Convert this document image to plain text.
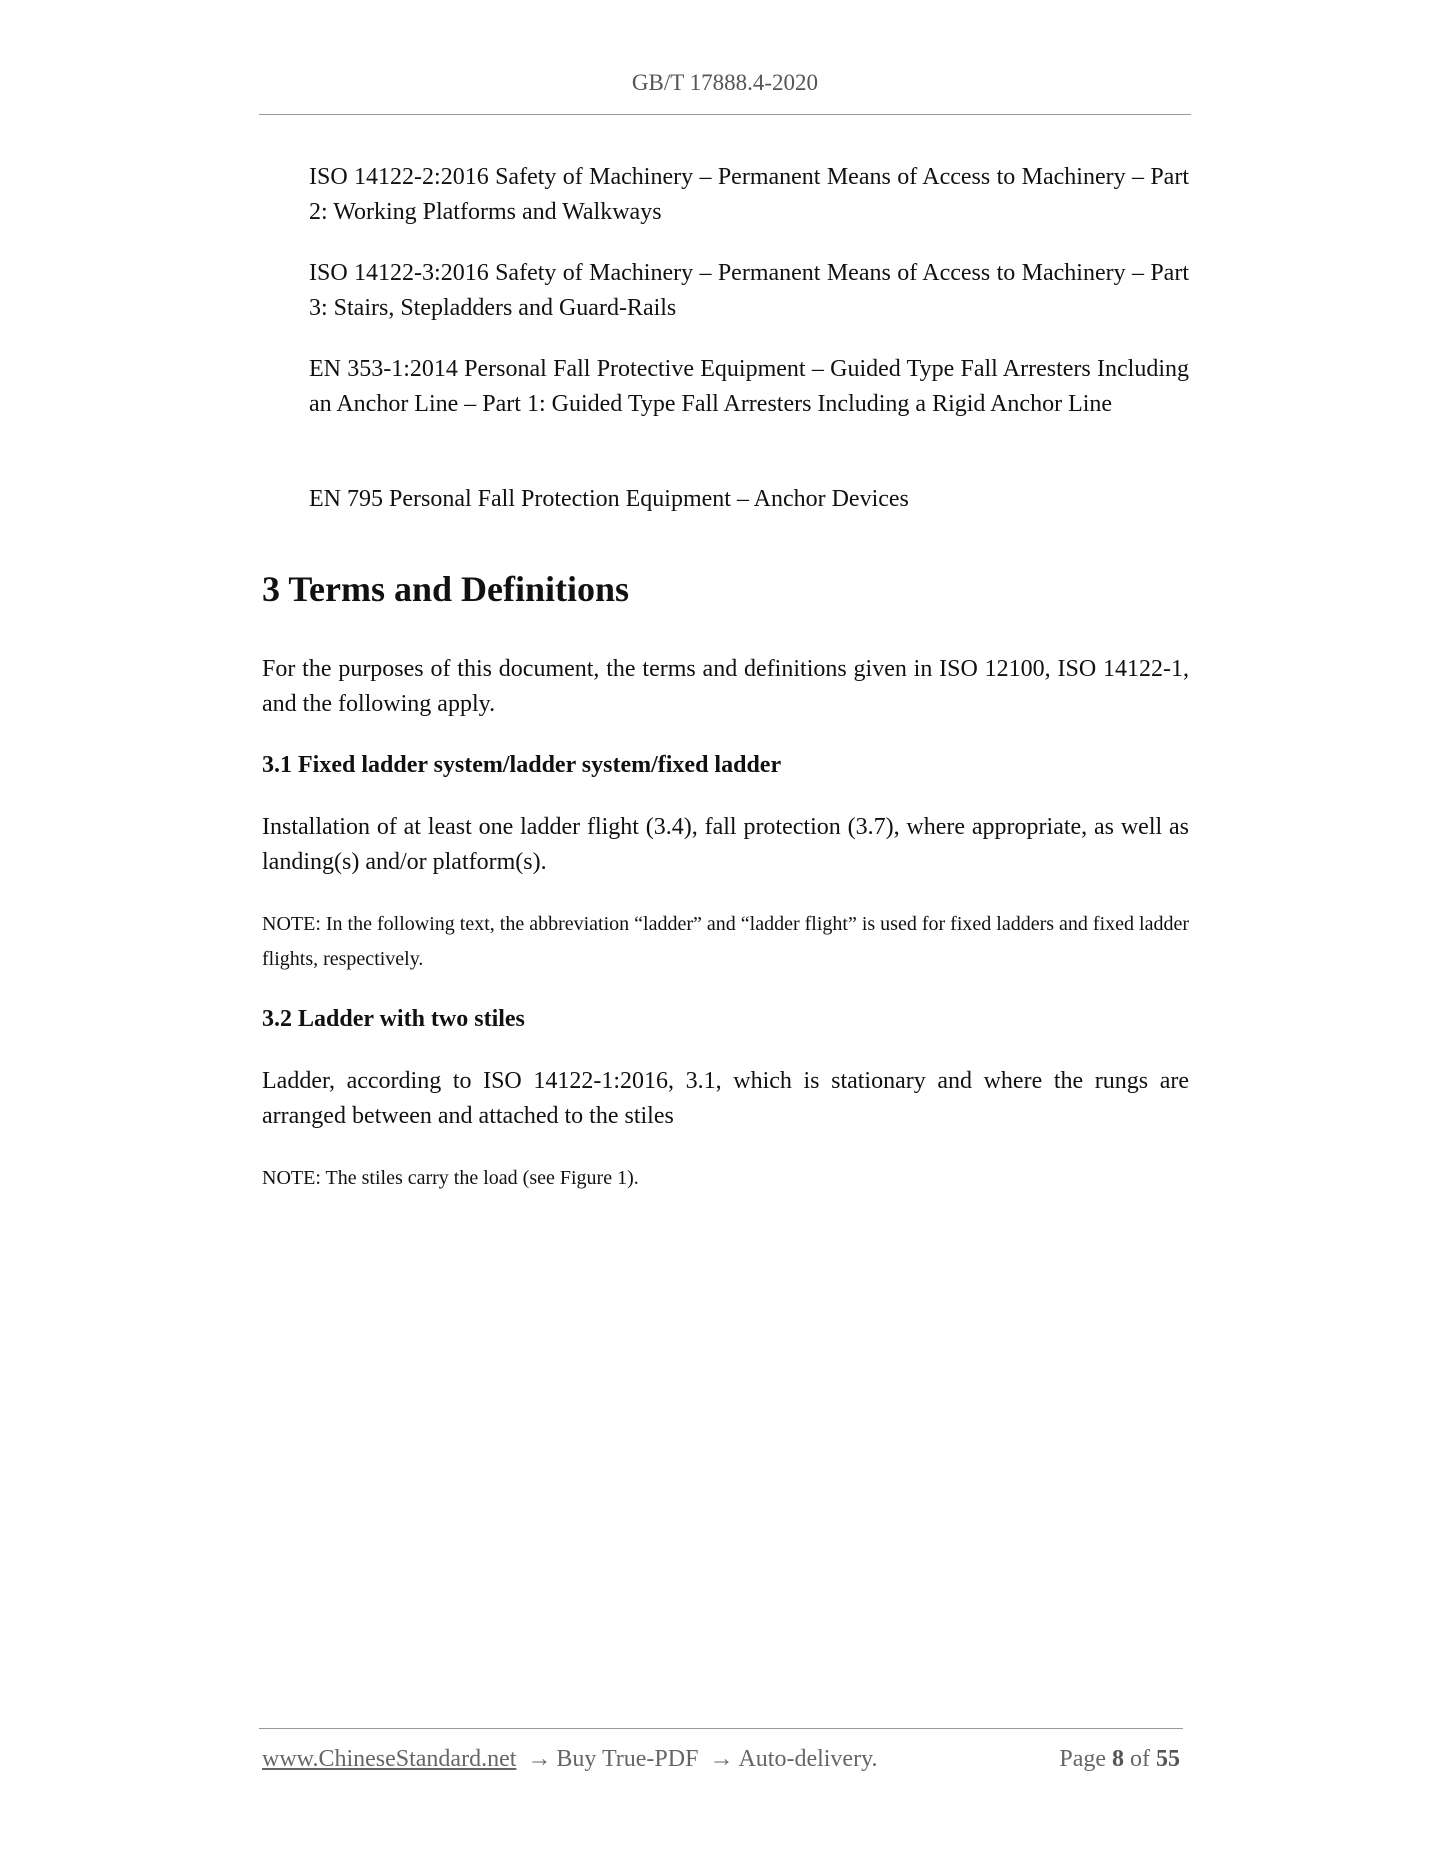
GB/T 17888.4-2020

ISO 14122-2:2016 Safety of Machinery – Permanent Means of Access to Machinery – Part 2: Working Platforms and Walkways

ISO 14122-3:2016 Safety of Machinery – Permanent Means of Access to Machinery – Part 3: Stairs, Stepladders and Guard-Rails

EN 353-1:2014 Personal Fall Protective Equipment – Guided Type Fall Arresters Including an Anchor Line – Part 1: Guided Type Fall Arresters Including a Rigid Anchor Line

EN 795 Personal Fall Protection Equipment – Anchor Devices

3 Terms and Definitions

For the purposes of this document, the terms and definitions given in ISO 12100, ISO 14122-1, and the following apply.

3.1 Fixed ladder system/ladder system/fixed ladder

Installation of at least one ladder flight (3.4), fall protection (3.7), where appropriate, as well as landing(s) and/or platform(s).

NOTE: In the following text, the abbreviation “ladder” and “ladder flight” is used for fixed ladders and fixed ladder flights, respectively.

3.2 Ladder with two stiles

Ladder, according to ISO 14122-1:2016, 3.1, which is stationary and where the rungs are arranged between and attached to the stiles

NOTE: The stiles carry the load (see Figure 1).

www.ChineseStandard.net → Buy True-PDF → Auto-delivery.	Page 8 of 55
